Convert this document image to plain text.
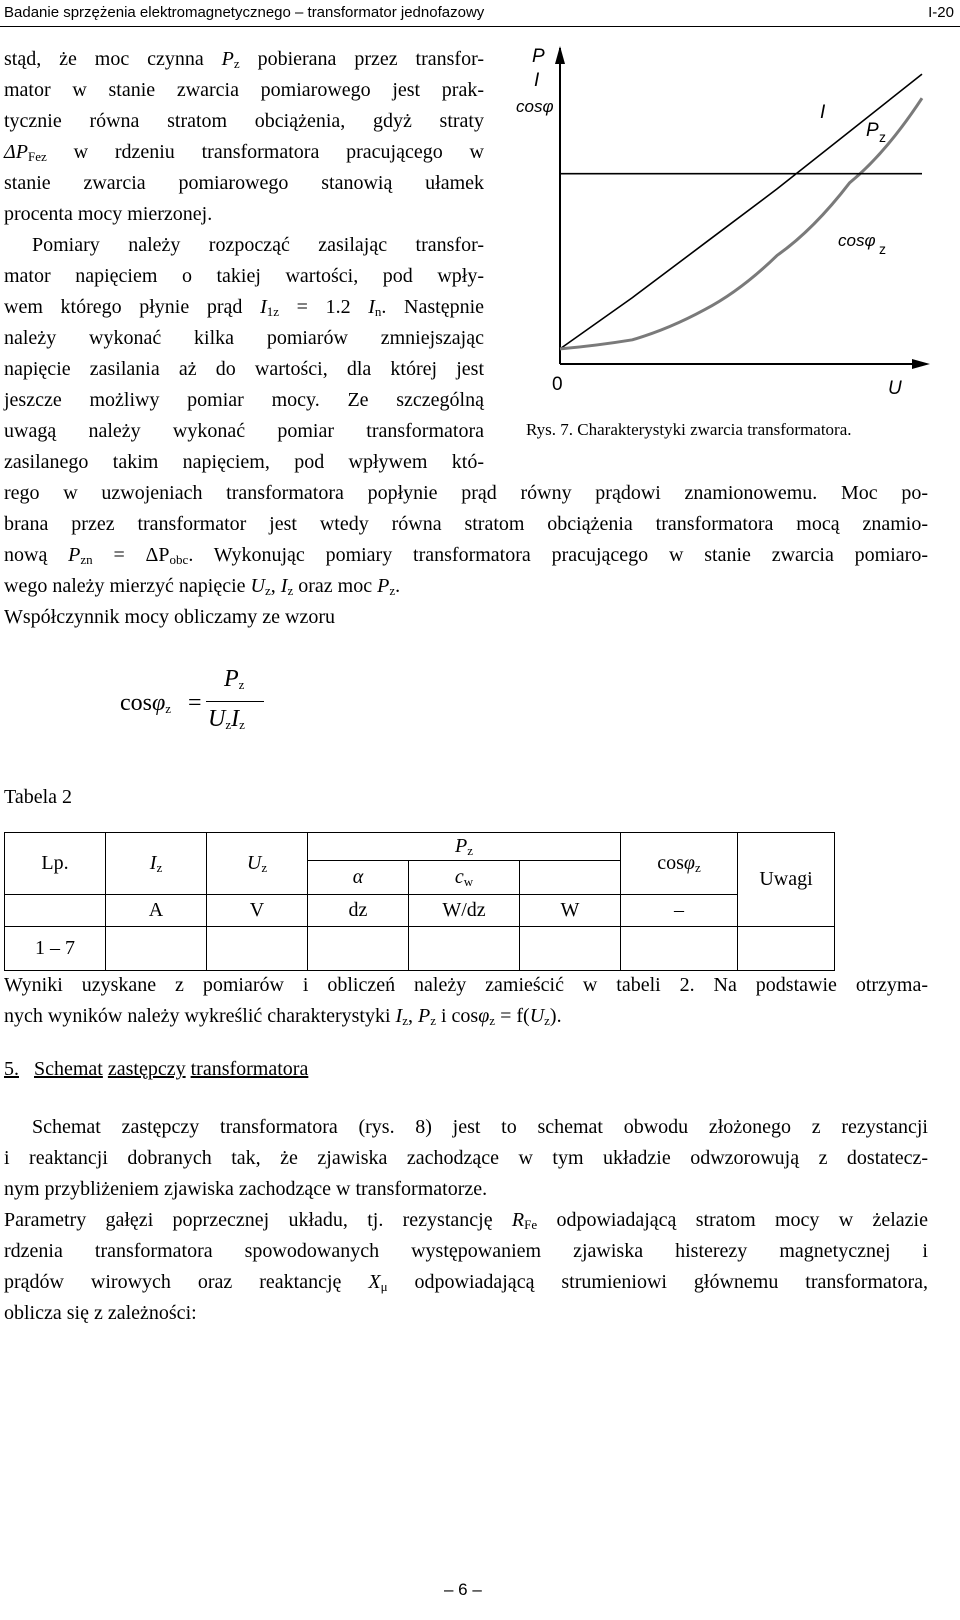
Badanie sprzężenia elektromagnetycznego – transformator jednofazowy	I-20
stąd, że moc czynna $P_z$ pobierana przez transfor-
mator w stanie zwarcia pomiarowego jest prak-
tycznie równa stratom obciążenia, gdyż straty
$\Delta P_{Fez}$ w rdzeniu transformatora pracującego w
stanie zwarcia pomiarowego stanowią ułamek
procenta mocy mierzonej.
Pomiary należy rozpocząć zasilając transfor-
mator napięciem o takiej wartości, pod wpły-
wem którego płynie prąd $I_{1z} = 1.2$ $I_n$. Następnie
należy wykonać kilka pomiarów zmniejszając
napięcie zasilania aż do wartości, dla której jest
jeszcze możliwy pomiar mocy. Ze szczególną
uwagą należy wykonać pomiar transformatora
zasilanego takim napięciem, pod wpływem któ-
rego w uzwojeniach transformatora popłynie prąd równy prądowi znamionowemu. Moc po-
brana przez transformator jest wtedy równa stratom obciążenia transformatora mocą znamio-
nową $P_{zn} = \Delta P_{obc}$. Wykonując pomiary transformatora pracującego w stanie zwarcia pomiaro-
wego należy mierzyć napięcie $U_z$, $I_z$ oraz moc $P_z$.
Współczynnik mocy obliczamy ze wzoru
P
I
cosφ	I
P z
cosφ z
0	U
Rys. 7. Charakterystyki zwarcia transformatora.
cosφ$_z$ =
$P_z$
$U_zI_z$
Tabela 2
Lp.	$I_z$	$U_z$	$P_z$			cosφ$_z$	Uwagi
			α	$c_w$	
	A	V	dz	W/dz	W	–	
1 – 7							
Wyniki uzyskane z pomiarów i obliczeń należy zamieścić w tabeli 2. Na podstawie otrzyma-
nych wyników należy wykreślić charakterystyki $I_z$, $P_z$ i $\cos\varphi_z = f(U_z)$.
5. Schemat zastępczy transformatora
Schemat zastępczy transformatora (rys. 8) jest to schemat obwodu złożonego z rezystancji
i reaktancji dobranych tak, że zjawiska zachodzące w tym układzie odwzorowują z dostatecz-
nym przybliżeniem zjawiska zachodzące w transformatorze.
Parametry gałęzi poprzecznej układu, tj. rezystancję $R_{Fe}$ odpowiadającą stratom mocy w żelazie
rdzenia transformatora spowodowanych występowaniem zjawiska histerezy magnetycznej i
prądów wirowych oraz reaktancję $X_\mu$ odpowiadającą strumieniowi głównemu transformatora,
oblicza się z zależności:
– 6 –
